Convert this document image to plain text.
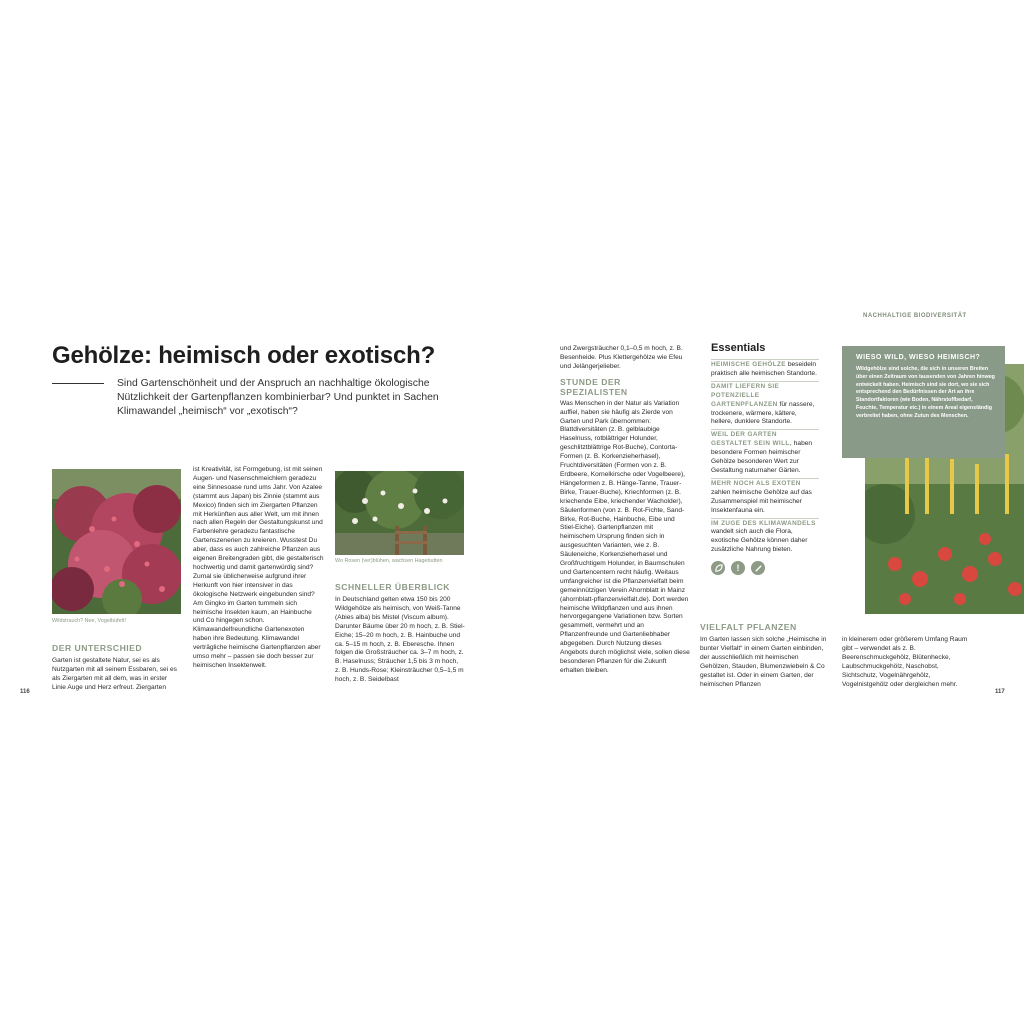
Gehölze: heimisch oder exotisch?
Sind Gartenschönheit und der Anspruch an nachhaltige ökologische Nützlichkeit der Gartenpflanzen kombinierbar? Und punktet in Sachen Klimawandel „heimisch“ vor „exotisch“?
Wildstrauch? Nee, Vogelbüfett!

DER UNTERSCHIED

Garten ist gestaltete Natur, sei es als Nutzgarten mit all seinem Essbaren, sei es als Ziergarten mit all dem, was in erster Linie Auge und Herz erfreut. Ziergarten

ist Kreativität, ist Formgebung, ist mit seinen Augen- und Nasenschmeichlern geradezu eine Sinnesoase rund ums Jahr. Von Azalee (stammt aus Japan) bis Zinnie (stammt aus Mexico) finden sich im Ziergarten Pflanzen mit Herkünften aus aller Welt, um mit ihnen nach allen Regeln der Gestaltungskunst und Farbenlehre geradezu fantastische Gartenszenerien zu kreieren. Wusstest Du aber, dass es auch zahlreiche Pflanzen aus eigenen Breitengraden gibt, die gestalterisch hochwertig und damit gartenwürdig sind? Zumal sie üblicherweise aufgrund ihrer Herkunft von hier intensiver in das ökologische Netzwerk eingebunden sind? Am Gingko im Garten tummeln sich heimische Insekten kaum, an Hainbuche und Co hingegen schon. Klimawandelfreundliche Gartenexoten haben ihre Bedeutung. Klimawandel verträgliche heimische Gartenpflanzen aber umso mehr – passen sie doch besser zur heimischen Insektenwelt.

Wo Rosen (ver)blühen, wachsen Hagebutten

SCHNELLER ÜBERBLICK

In Deutschland gelten etwa 150 bis 200 Wildgehölze als heimisch, von Weiß-Tanne (Abies alba) bis Mistel (Viscum album). Darunter Bäume über 20 m hoch, z. B. Stiel-Eiche; 15–20 m hoch, z. B. Hainbuche und ca. 5–15 m hoch, z. B. Eberesche. Ihnen folgen die Großsträucher ca. 3–7 m hoch, z. B. Haselnuss; Sträucher 1,5 bis 3 m hoch, z. B. Hunds-Rose; Kleinsträucher 0,5–1,5 m hoch, z. B. Seidelbast

116
NACHHALTIGE BIODIVERSITÄT

und Zwergsträucher 0,1–0,5 m hoch, z. B. Besenheide. Plus Klettergehölze wie Efeu und Jelängerjelieber.

STUNDE DER SPEZIALISTEN

Was Menschen in der Natur als Variation auffiel, haben sie häufig als Zierde von Garten und Park übernommen: Blattdiversitäten (z. B. gelblaubige Haselnuss, rotblättriger Holunder, geschlitztblättrige Rot-Buche), Contorta-Formen (z. B. Korkenzieherhasel), Fruchtdiversitäten (Formen von z. B. Erdbeere, Kornelkirsche oder Vogelbeere), Hängeformen z. B. Hänge-Tanne, Trauer-Birke, Trauer-Buche), Kriechformen (z. B. kriechende Eibe, kriechender Wacholder), Säulenformen (von z. B. Rot-Fichte, Sand-Birke, Rot-Buche, Hainbuche, Eibe und Stiel-Eiche). Gartenpflanzen mit heimischem Ursprung finden sich in ausgesuchten Varianten, wie z. B. Säuleneiche, Korkenzieherhasel und Großfruchtigem Holunder, in Baumschulen und Gartencentern recht häufig. Weitaus umfangreicher ist die Pflanzenvielfalt beim gemeinnützigen Verein Ahornblatt in Mainz (ahornblatt-pflanzenvielfalt.de). Dort werden heimische Wildpflanzen und aus ihnen hervorgegangene Variationen bzw. Sorten gesammelt, vermehrt und an Pflanzenfreunde und Gartenliebhaber abgegeben. Durch Nutzung dieses Angebots durch möglichst viele, sollen diese besonderen Pflanzen für die Zukunft erhalten bleiben.

Essentials
HEIMISCHE GEHÖLZE beseideln praktisch alle heimischen Standorte.
DAMIT LIEFERN SIE POTENZIELLE GARTENPFLANZEN für nassere, trockenere, wärmere, kältere, hellere, dunklere Standorte.
WEIL DER GARTEN GESTALTET SEIN WILL, haben besondere Formen heimischer Gehölze besonderen Wert zur Gestaltung naturnaher Gärten.
MEHR NOCH ALS EXOTEN zahlen heimische Gehölze auf das Zusammenspiel mit heimischer Insektenfauna ein.
IM ZUGE DES KLIMAWANDELS wandelt sich auch die Flora, exotische Gehölze können daher zusätzliche Nahrung bieten.
!

VIELFALT PFLANZEN

Im Garten lassen sich solche „Heimische in bunter Vielfalt“ in einem Garten einbinden, der ausschließlich mit heimischen Gehölzen, Stauden, Blumenzwiebeln & Co gestaltet ist. Oder in einem Garten, der heimischen Pflanzen

in kleinerem oder größerem Umfang Raum gibt – verwendet als z. B. Beerenschmuckgehölz, Blütenhecke, Laubschmuckgehölz, Naschobst, Sichtschutz, Vogelnährgehölz, Vogelnistgehölz oder dergleichen mehr.

WIESO WILD, WIESO HEIMISCH?
Wildgehölze sind solche, die sich in unseren Breiten über einen Zeitraum von tausenden von Jahren hinweg entwickelt haben. Heimisch sind sie dort, wo sie sich entsprechend den Bedürfnissen der Art an ihre Standortfaktoren (wie Boden, Nährstoffbedarf, Feuchte, Temperatur etc.) in einem Areal eigenständig verbreitet haben, ohne Zutun des Menschen.
117
